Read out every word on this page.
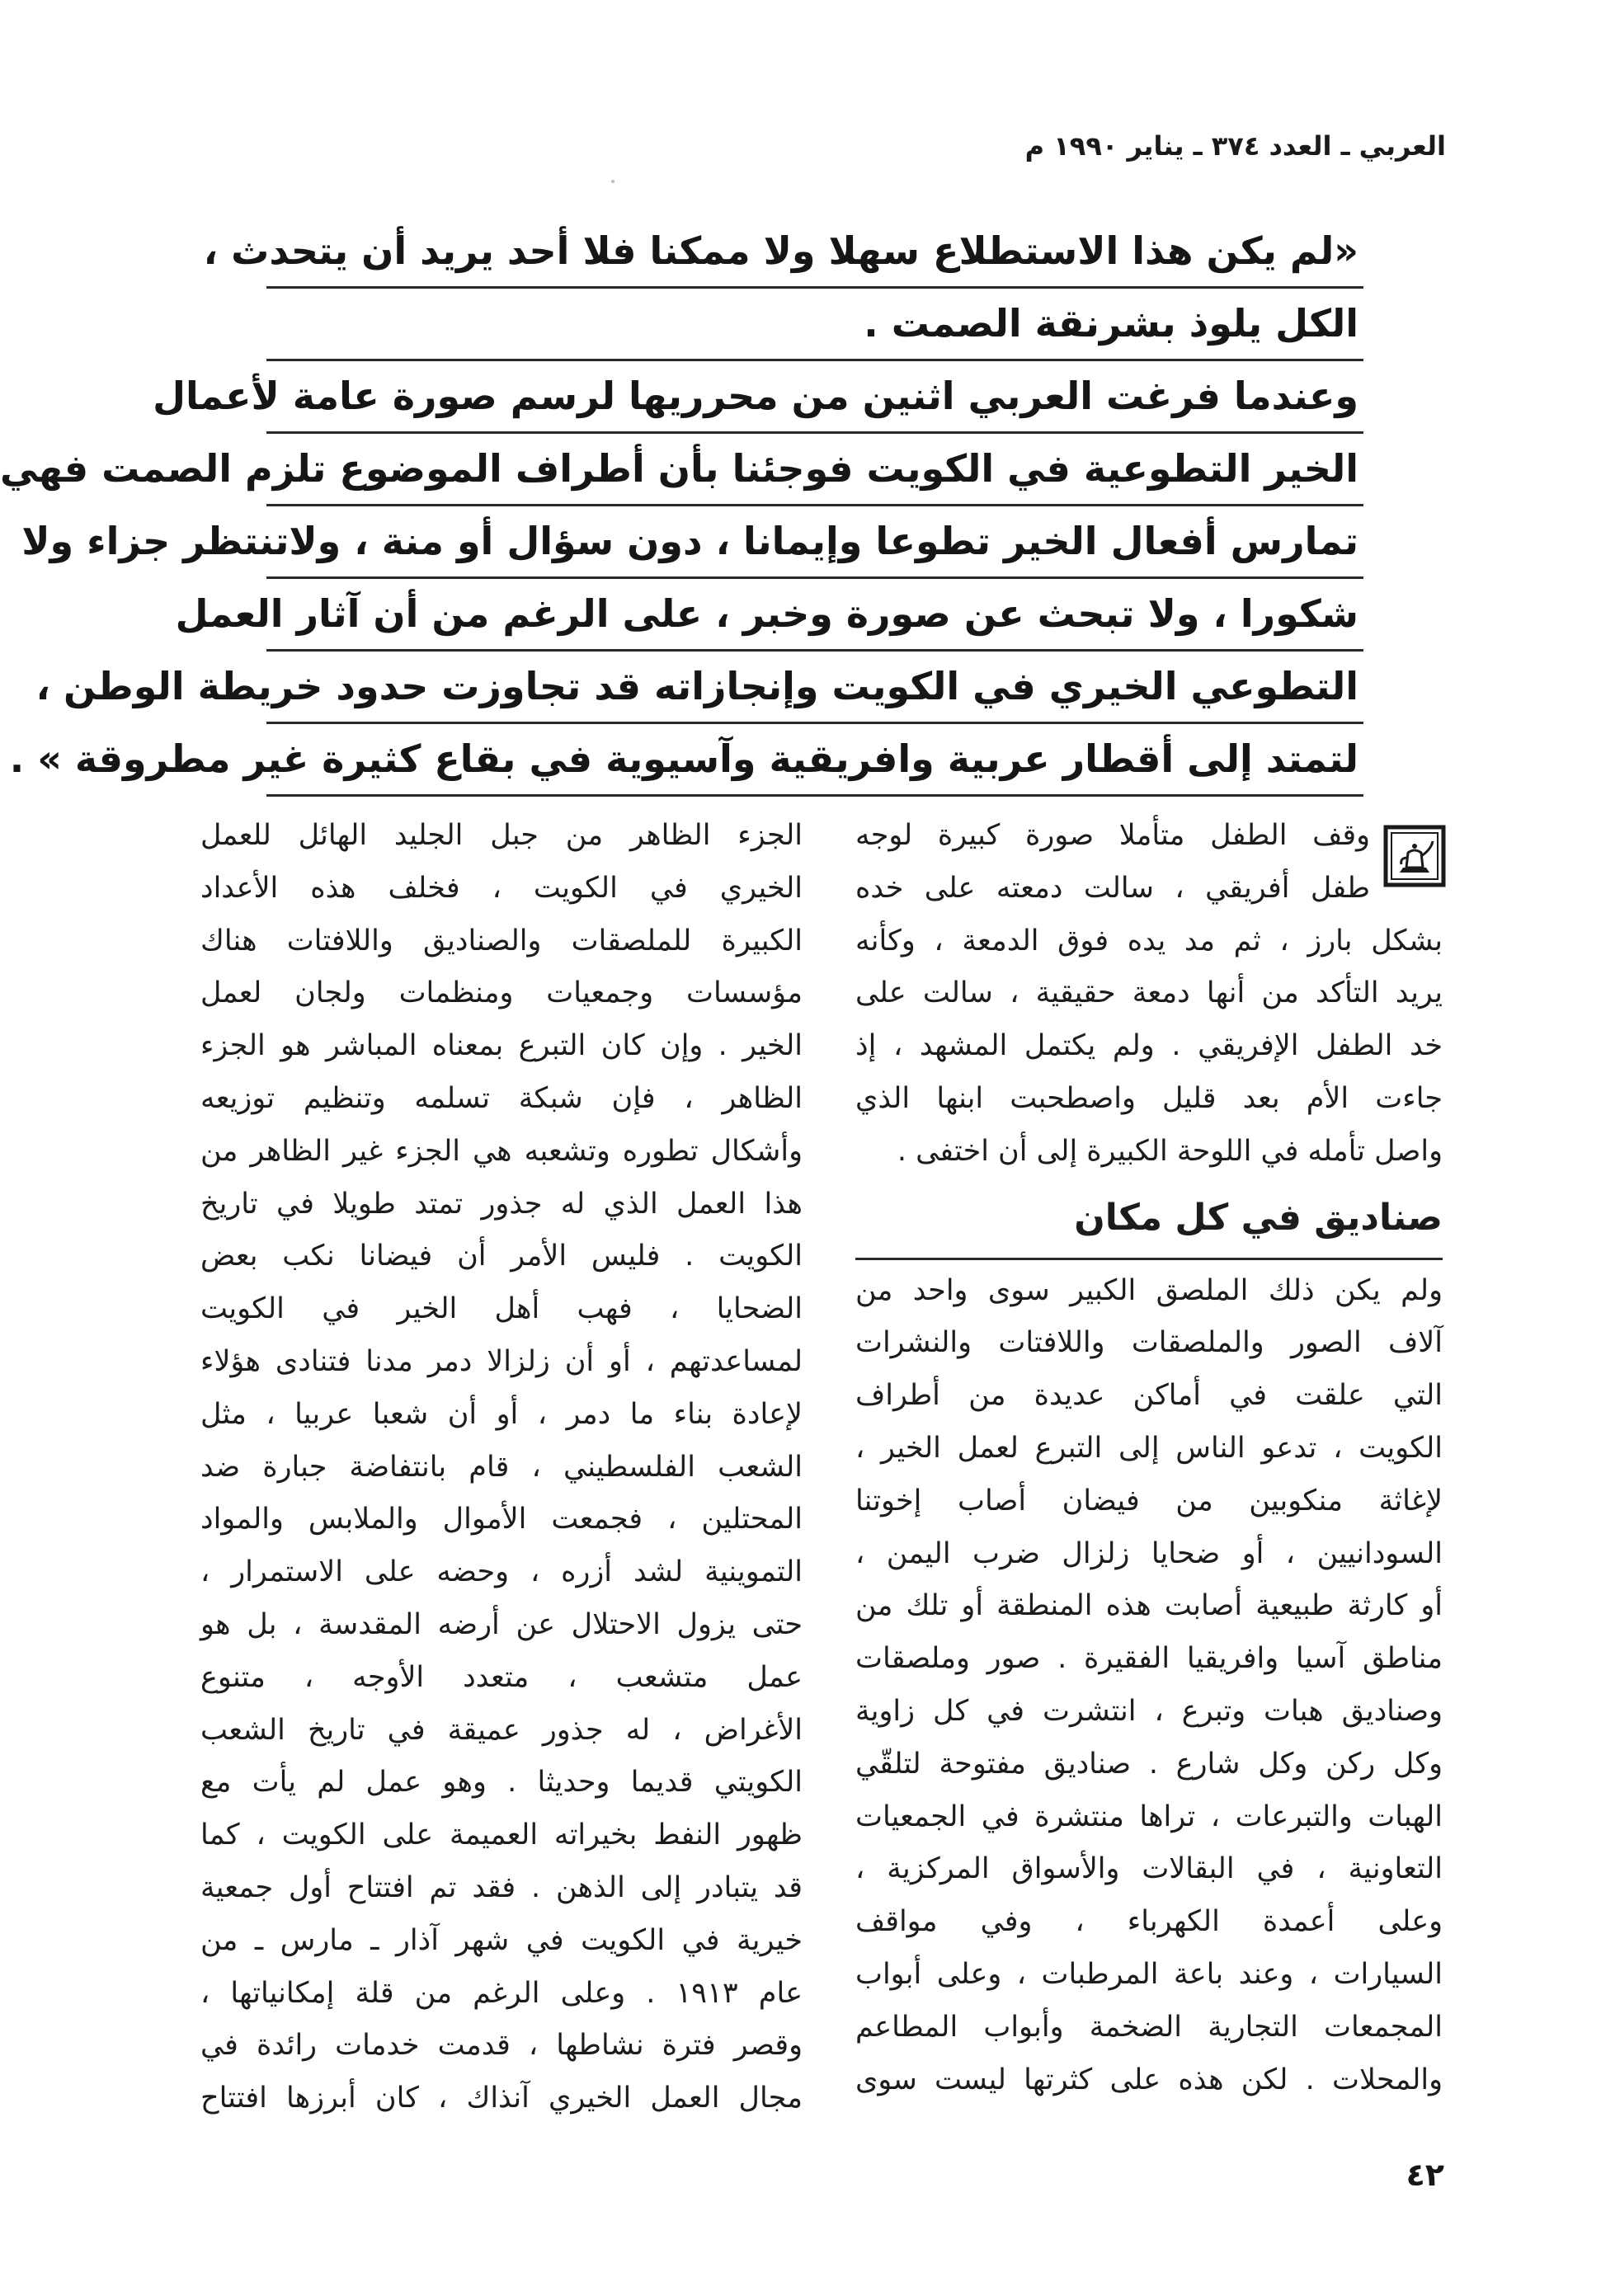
العربي ـ العدد ٣٧٤ ـ يناير ١٩٩٠ م
«لم يكن هذا الاستطلاع سهلا ولا ممكنا فلا أحد يريد أن يتحدث ،
الكل يلوذ بشرنقة الصمت .
وعندما فرغت العربي اثنين من محرريها لرسم صورة عامة لأعمال
الخير التطوعية في الكويت فوجئنا بأن أطراف الموضوع تلزم الصمت فهي
تمارس أفعال الخير تطوعا وإيمانا ، دون سؤال أو منة ، ولاتنتظر جزاء ولا
شكورا ، ولا تبحث عن صورة وخبر ، على الرغم من أن آثار العمل
التطوعي الخيري في الكويت وإنجازاته قد تجاوزت حدود خريطة الوطن ،
لتمتد إلى أقطار عربية وافريقية وآسيوية في بقاع كثيرة غير مطروقة » .
وقف الطفل متأملا صورة كبيرة لوجه
طفل أفريقي ، سالت دمعته على خده
بشكل بارز ، ثم مد يده فوق الدمعة ، وكأنه
يريد التأكد من أنها دمعة حقيقية ، سالت على
خد الطفل الإفريقي . ولم يكتمل المشهد ، إذ
جاءت الأم بعد قليل واصطحبت ابنها الذي
واصل تأمله في اللوحة الكبيرة إلى أن اختفى .
صناديق في كل مكان
ولم يكن ذلك الملصق الكبير سوى واحد من
آلاف الصور والملصقات واللافتات والنشرات
التي علقت في أماكن عديدة من أطراف
الكويت ، تدعو الناس إلى التبرع لعمل الخير ،
لإغاثة منكوبين من فيضان أصاب إخوتنا
السودانيين ، أو ضحايا زلزال ضرب اليمن ،
أو كارثة طبيعية أصابت هذه المنطقة أو تلك من
مناطق آسيا وافريقيا الفقيرة . صور وملصقات
وصناديق هبات وتبرع ، انتشرت في كل زاوية
وكل ركن وكل شارع . صناديق مفتوحة لتلقّي
الهبات والتبرعات ، تراها منتشرة في الجمعيات
التعاونية ، في البقالات والأسواق المركزية ،
وعلى أعمدة الكهرباء ، وفي مواقف
السيارات ، وعند باعة المرطبات ، وعلى أبواب
المجمعات التجارية الضخمة وأبواب المطاعم
والمحلات . لكن هذه على كثرتها ليست سوى
الجزء الظاهر من جبل الجليد الهائل للعمل
الخيري في الكويت ، فخلف هذه الأعداد
الكبيرة للملصقات والصناديق واللافتات هناك
مؤسسات وجمعيات ومنظمات ولجان لعمل
الخير . وإن كان التبرع بمعناه المباشر هو الجزء
الظاهر ، فإن شبكة تسلمه وتنظيم توزيعه
وأشكال تطوره وتشعبه هي الجزء غير الظاهر من
هذا العمل الذي له جذور تمتد طويلا في تاريخ
الكويت . فليس الأمر أن فيضانا نكب بعض
الضحايا ، فهب أهل الخير في الكويت
لمساعدتهم ، أو أن زلزالا دمر مدنا فتنادى هؤلاء
لإعادة بناء ما دمر ، أو أن شعبا عربيا ، مثل
الشعب الفلسطيني ، قام بانتفاضة جبارة ضد
المحتلين ، فجمعت الأموال والملابس والمواد
التموينية لشد أزره ، وحضه على الاستمرار ،
حتى يزول الاحتلال عن أرضه المقدسة ، بل هو
عمل متشعب ، متعدد الأوجه ، متنوع
الأغراض ، له جذور عميقة في تاريخ الشعب
الكويتي قديما وحديثا . وهو عمل لم يأت مع
ظهور النفط بخيراته العميمة على الكويت ، كما
قد يتبادر إلى الذهن . فقد تم افتتاح أول جمعية
خيرية في الكويت في شهر آذار ـ مارس ـ من
عام ١٩١٣ . وعلى الرغم من قلة إمكانياتها ،
وقصر فترة نشاطها ، قدمت خدمات رائدة في
مجال العمل الخيري آنذاك ، كان أبرزها افتتاح
٤٢
